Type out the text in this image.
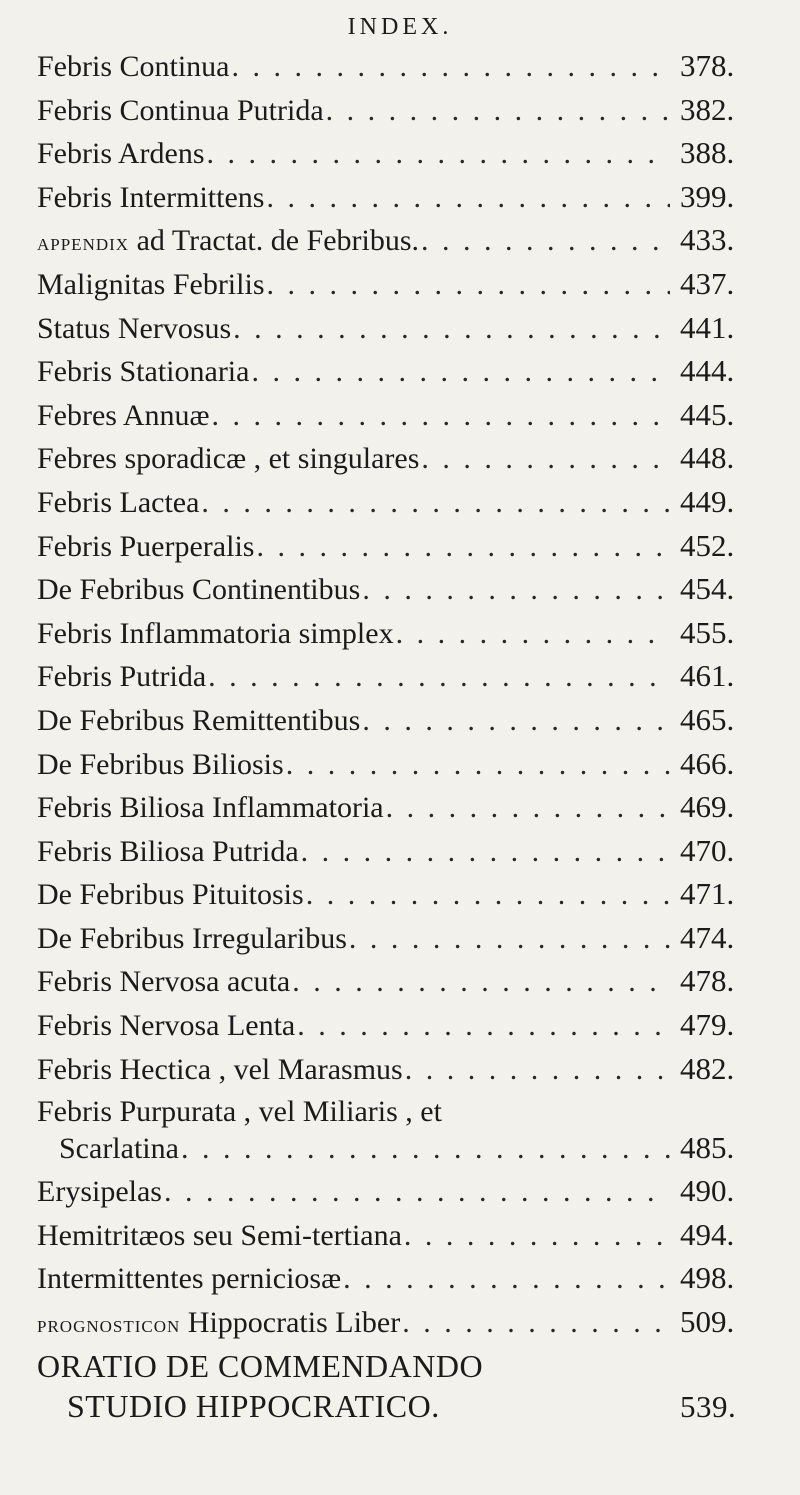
INDEX.
Febris Continua . . .	378.
Febris Continua Putrida . . .	382.
Febris Ardens . . .	388.
Febris Intermittens . . .	399.
appendix ad Tractat. de Febribus. . . .	433.
Malignitas Febrilis . . .	437.
Status Nervosus . . .	441.
Febris Stationaria . . .	444.
Febres Annuæ . . .	445.
Febres sporadicæ , et singulares . . .	448.
Febris Lactea . . .	449.
Febris Puerperalis . . .	452.
De Febribus Continentibus . . .	454.
Febris Inflammatoria simplex . . .	455.
Febris Putrida . . .	461.
De Febribus Remittentibus . . .	465.
De Febribus Biliosis . . .	466.
Febris Biliosa Inflammatoria . . .	469.
Febris Biliosa Putrida . . .	470.
De Febribus Pituitosis . . .	471.
De Febribus Irregularibus . . .	474.
Febris Nervosa acuta . . .	478.
Febris Nervosa Lenta . . .	479.
Febris Hectica , vel Marasmus . . .	482.
Febris Purpurata , vel Miliaris , et
Scarlatina . . .	485.
Erysipelas . . .	490.
Hemitritæos seu Semi-tertiana . . .	494.
Intermittentes perniciosæ . . .	498.
prognosticon Hippocratis Liber . . .	509.
ORATIO DE COMMENDANDO
STUDIO HIPPOCRATICO.	539.
